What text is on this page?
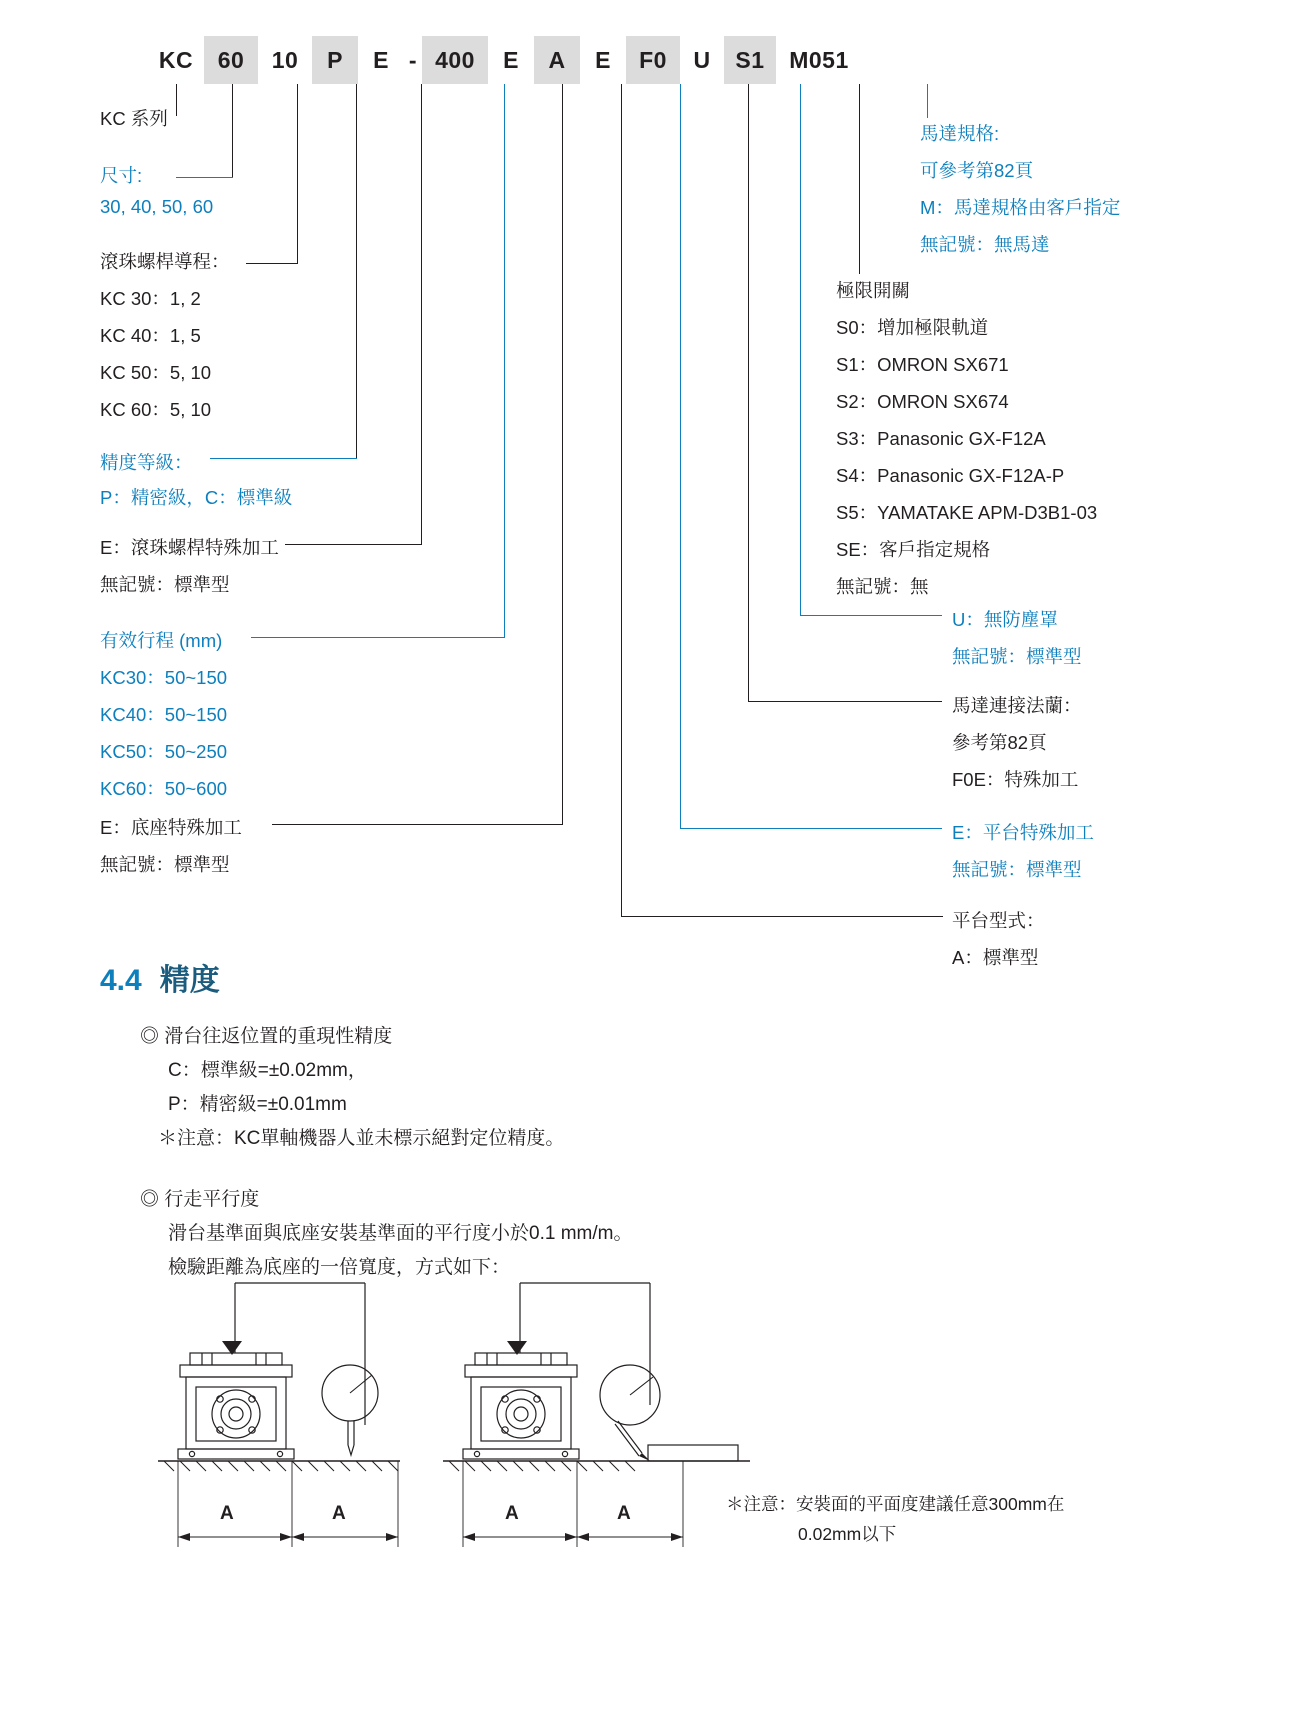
KC	60	10	P	E - 400	E	A	E	F0	U	S1	M051
KC 系列
尺寸:
30, 40, 50, 60
滾珠螺桿導程：
KC 30：1, 2
KC 40：1, 5
KC 50：5, 10
KC 60：5, 10
精度等級：
P：精密級，C：標準級
E：滾珠螺桿特殊加工
無記號：標準型
有效行程 (mm)
KC30：50~150
KC40：50~150
KC50：50~250
KC60：50~600
E：底座特殊加工
無記號：標準型
馬達規格:
可參考第82頁
M：馬達規格由客戶指定
無記號：無馬達
極限開關
S0：增加極限軌道
S1：OMRON SX671
S2：OMRON SX674
S3：Panasonic GX-F12A
S4：Panasonic GX-F12A-P
S5：YAMATAKE APM-D3B1-03
SE：客戶指定規格
無記號：無
U：無防塵罩
無記號：標準型
馬達連接法蘭：
參考第82頁
F0E：特殊加工
E：平台特殊加工
無記號：標準型
平台型式：
A：標準型
4.4 精度
◎ 滑台往返位置的重現性精度
C：標準級=±0.02mm，
P：精密級=±0.01mm
＊注意：KC單軸機器人並未標示絕對定位精度。
◎ 行走平行度
滑台基準面與底座安裝基準面的平行度小於0.1 mm/m。
檢驗距離為底座的一倍寬度，方式如下：
A	A	A	A	＊注意：安裝面的平面度建議任意300mm在
0.02mm以下
